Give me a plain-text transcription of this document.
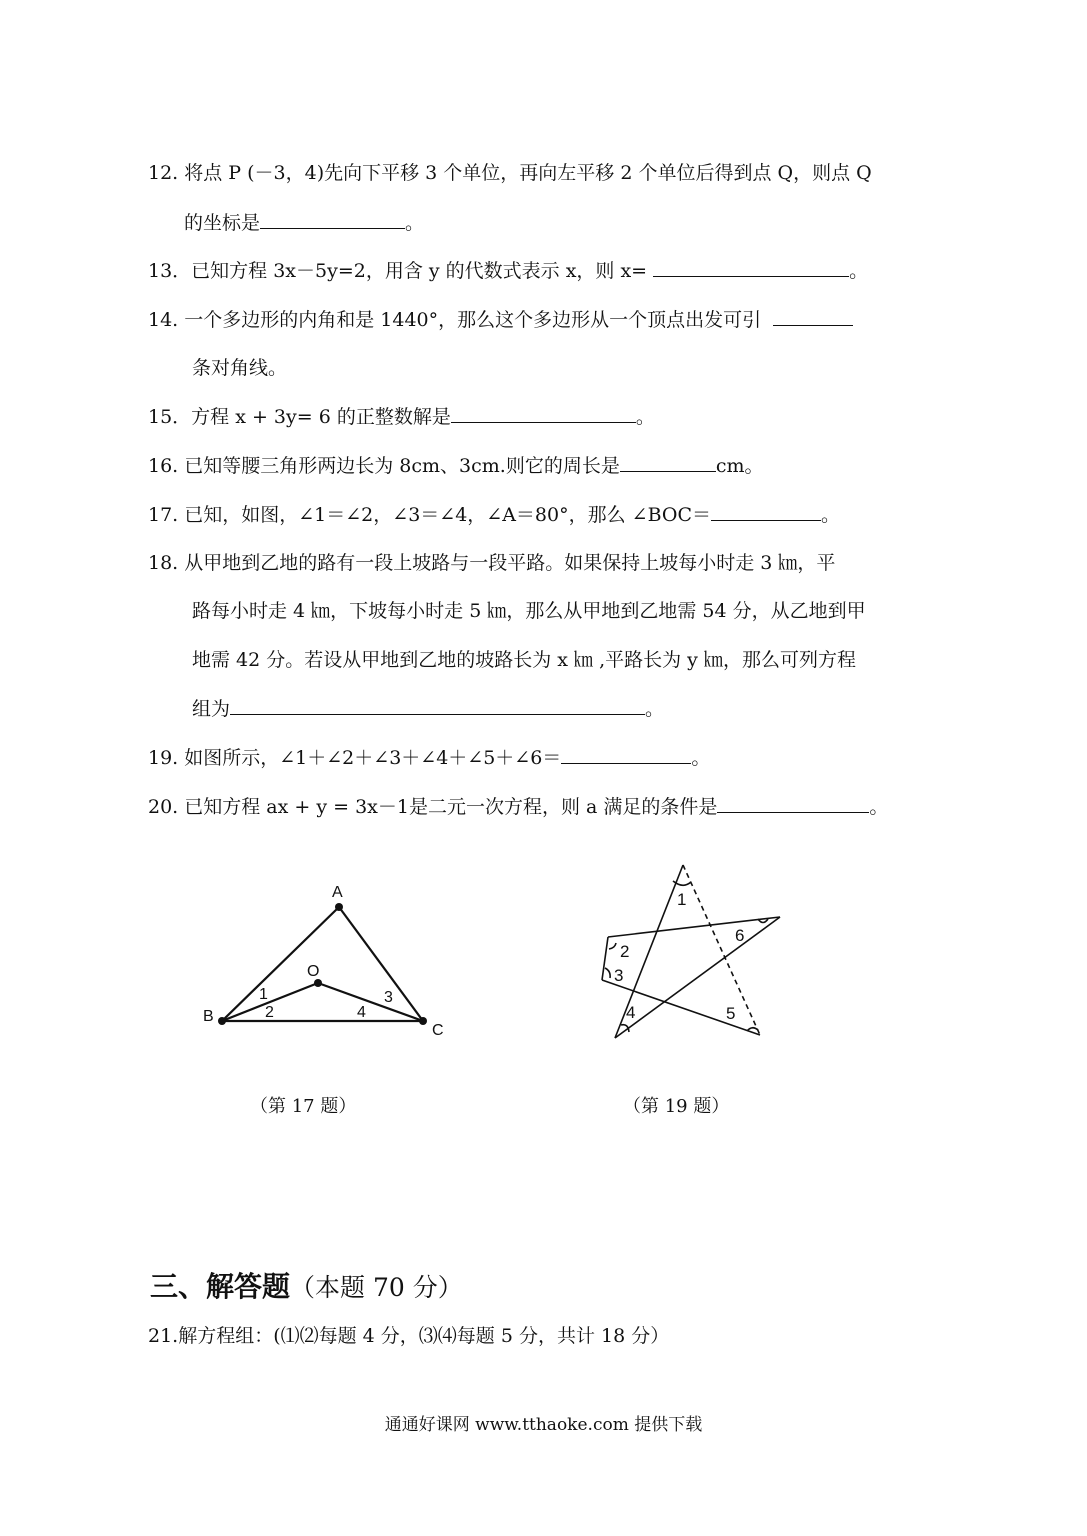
12. 将点 P (－3，4)先向下平移 3 个单位，再向左平移 2 个单位后得到点 Q，则点 Q
的坐标是	。
13．已知方程 3x－5y=2，用含 y 的代数式表示 x，则 x=	。
14. 一个多边形的内角和是 1440°，那么这个多边形从一个顶点出发可引
条对角线。
15．方程 x + 3y= 6 的正整数解是	。
16. 已知等腰三角形两边长为 8cm、3cm.则它的周长是	cm。
17. 已知，如图，∠1＝∠2，∠3＝∠4，∠A＝80°，那么 ∠BOC＝	。
18. 从甲地到乙地的路有一段上坡路与一段平路。如果保持上坡每小时走 3 ㎞，平
路每小时走 4 ㎞，下坡每小时走 5 ㎞，那么从甲地到乙地需 54 分，从乙地到甲
地需 42 分。若设从甲地到乙地的坡路长为 x ㎞ ,平路长为 y ㎞，那么可列方程
组为	。
19. 如图所示，∠1＋∠2＋∠3＋∠4＋∠5＋∠6＝	。
20. 已知方程 ax + y = 3x－1是二元一次方程，则 a 满足的条件是	。
A
B
C
O
1
2
3
4
（第 17 题）
1
2
3
4	5
6
（第 19 题）
三、解答题（本题 70 分）
21.解方程组：(⑴⑵每题 4 分，⑶⑷每题 5 分，共计 18 分）
通通好课网 www.tthaoke.com 提供下载
